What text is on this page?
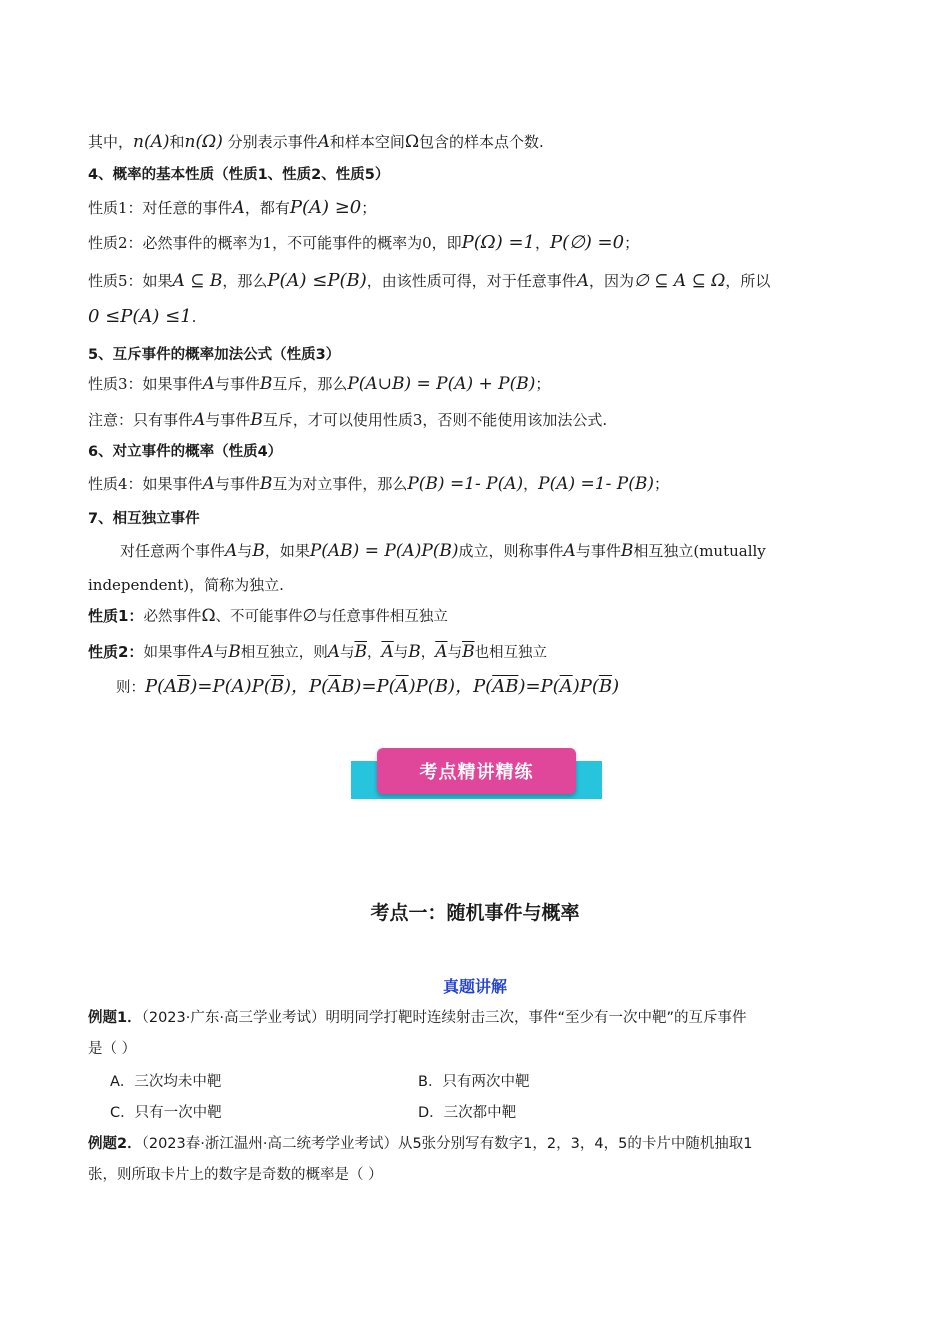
其中，n(A)和n(Ω) 分别表示事件A和样本空间Ω包含的样本点个数.
4、概率的基本性质（性质1、性质2、性质5）
性质1：对任意的事件A，都有P(A) ≥0；
性质2：必然事件的概率为1，不可能事件的概率为0，即P(Ω) =1，P(∅) =0；
性质5：如果A ⊆ B，那么P(A) ≤P(B)，由该性质可得，对于任意事件A，因为∅ ⊆ A ⊆ Ω，所以
0 ≤P(A) ≤1.
5、互斥事件的概率加法公式（性质3）
性质3：如果事件A与事件B互斥，那么P(A∪B) = P(A) + P(B)；
注意：只有事件A与事件B互斥，才可以使用性质3，否则不能使用该加法公式.
6、对立事件的概率（性质4）
性质4：如果事件A与事件B互为对立事件，那么P(B) =1- P(A)，P(A) =1- P(B)；
7、相互独立事件
对任意两个事件A与B，如果P(AB) = P(A)P(B)成立，则称事件A与事件B相互独立(mutually
independent)，简称为独立.
性质1：必然事件Ω、不可能事件∅与任意事件相互独立
性质2：如果事件A与B相互独立，则A与$\overline{B}$，$\overline{A}$与B，$\overline{A}$与$\overline{B}$也相互独立
则：$P(A\overline{B})=P(A)P(\overline{B})$，$P(\overline{A}B)=P(\overline{A})P(B)$，$P(\overline{AB})=P(\overline{A})P(\overline{B})$
考点精讲精练
考点一：随机事件与概率
真题讲解
例题1．（2023·广东·高三学业考试）明明同学打靶时连续射击三次，事件“至少有一次中靶”的互斥事件
是（ ）
A．三次均未中靶	B．只有两次中靶
C．只有一次中靶	D．三次都中靶
例题2．（2023春·浙江温州·高二统考学业考试）从5张分别写有数字1，2，3，4，5的卡片中随机抽取1
张，则所取卡片上的数字是奇数的概率是（ ）
